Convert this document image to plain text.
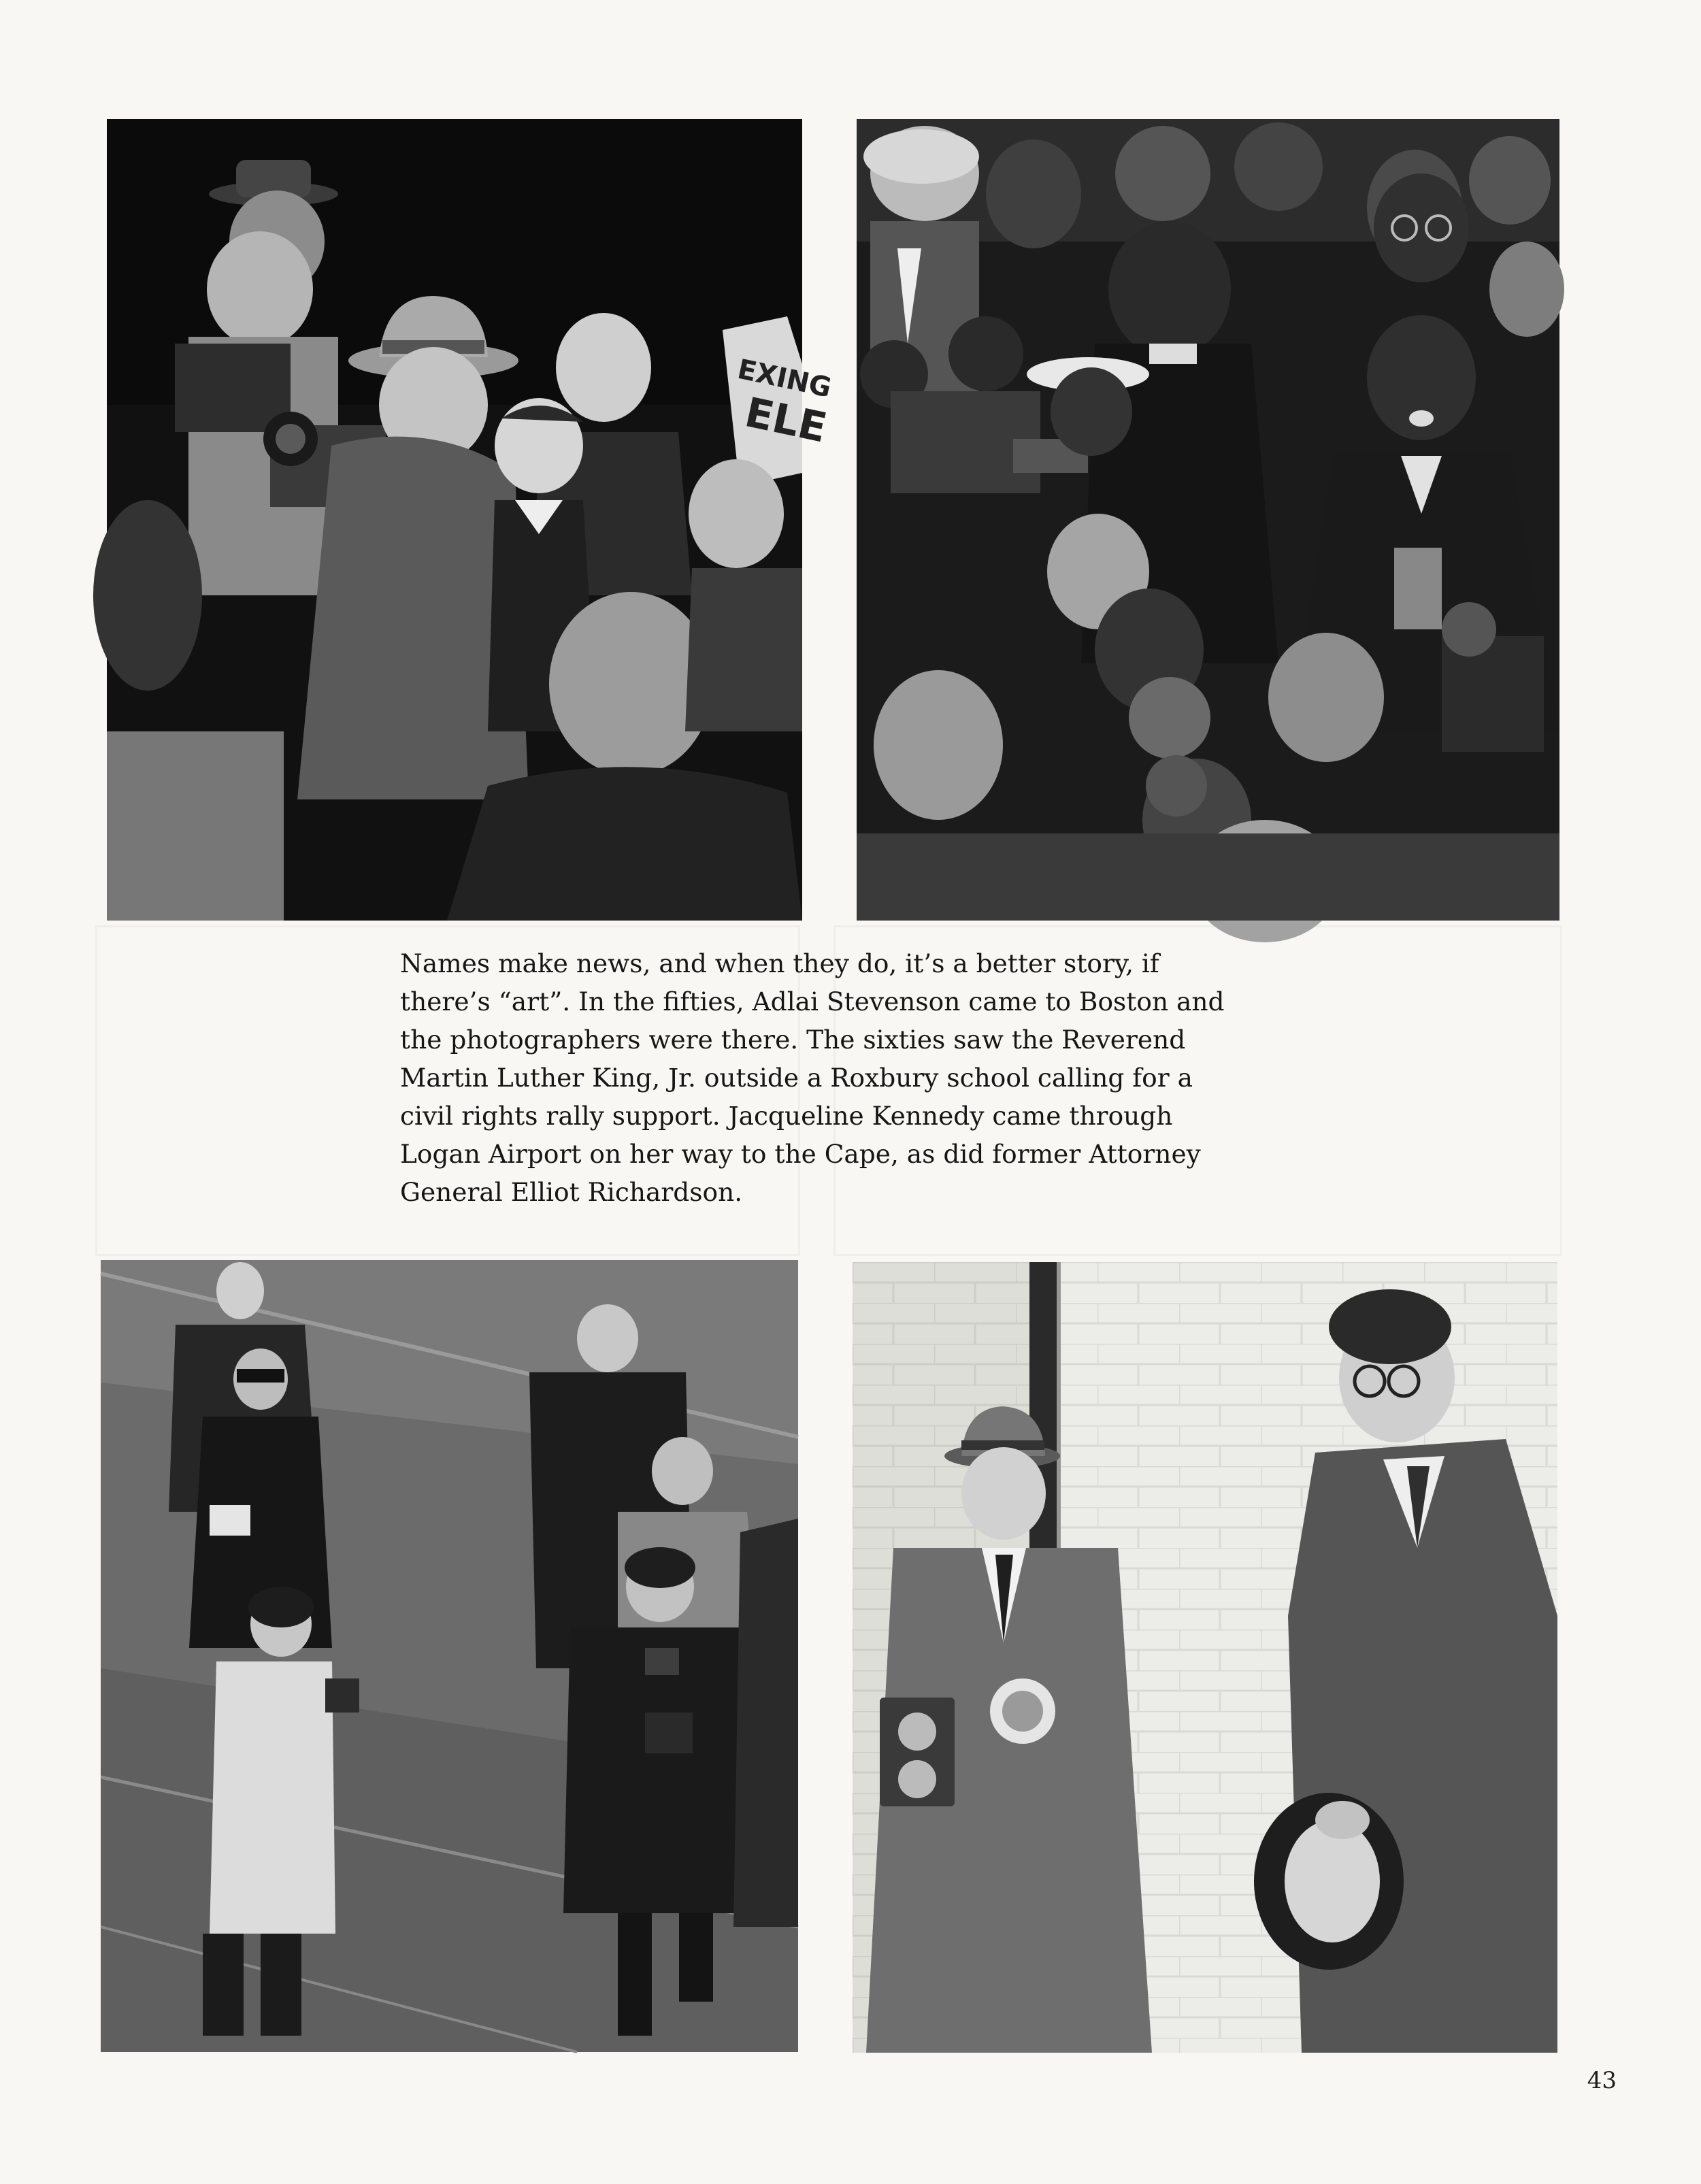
EXING
ELE
Names make news, and when they do, it’s a better story, if
there’s “art”. In the fifties, Adlai Stevenson came to Boston and
the photographers were there. The sixties saw the Reverend
Martin Luther King, Jr. outside a Roxbury school calling for a
civil rights rally support. Jacqueline Kennedy came through
Logan Airport on her way to the Cape, as did former Attorney
General Elliot Richardson.
43
